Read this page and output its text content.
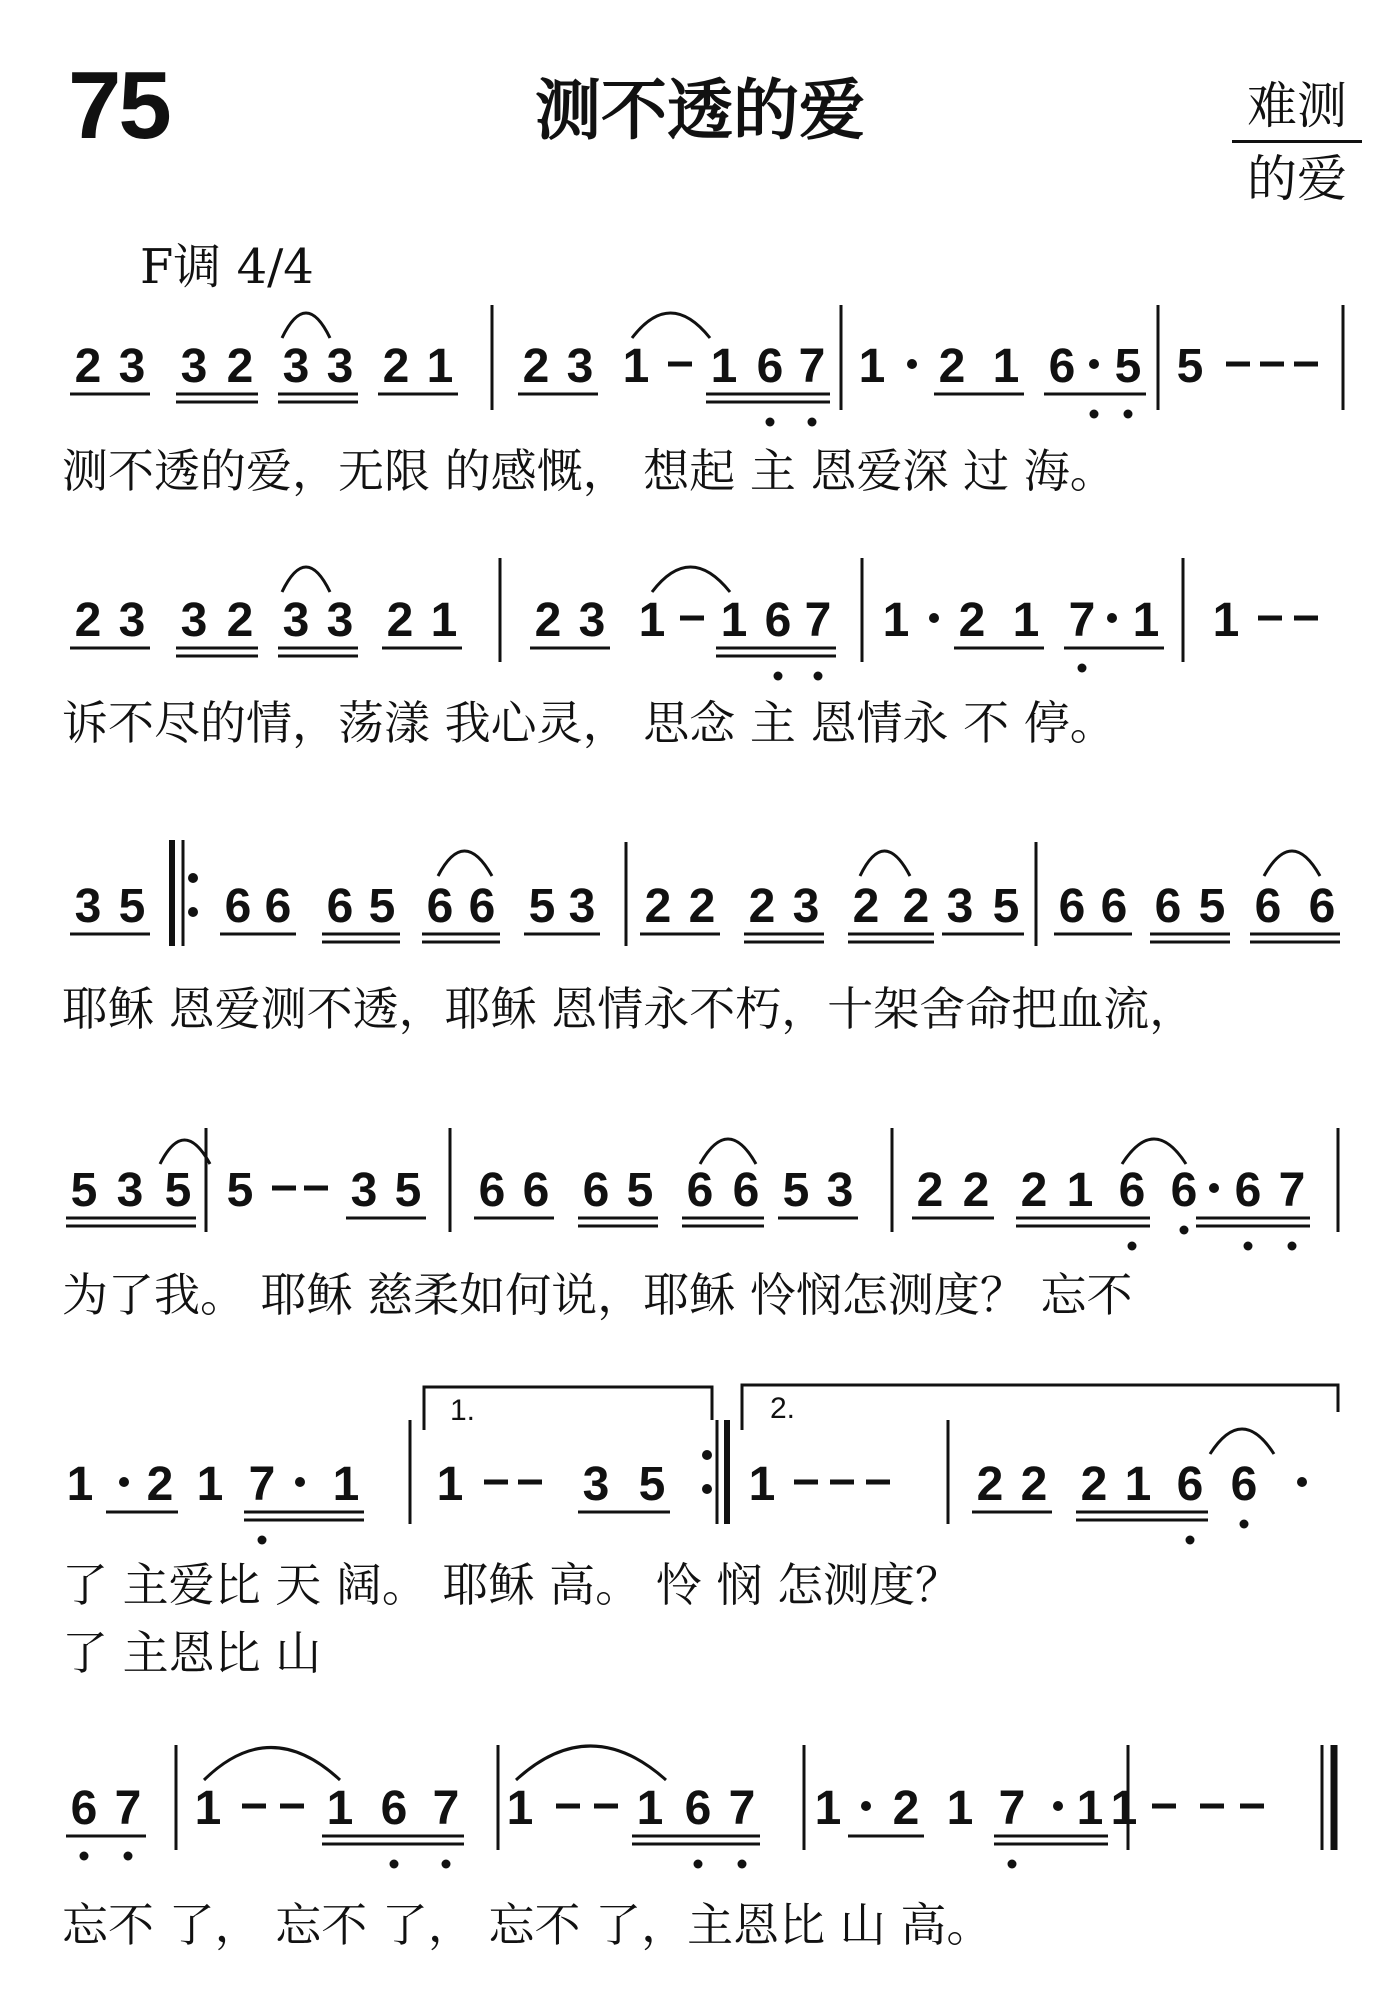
75	测不透的爱	难测
的爱
F调 4/4
2 3 3 2 3 3 2 1 2 3 1 1 6 7 1 2 1 6 5 5
2 3 3 2 3 3 2 1 2 3 1 1 6 7 1 2 1 7 1 1
3 5 6 6 6 5 6 6 5 3 2 2 2 3 2 2 3 5 6 6 6 5 6 6
5 3 5 5 3 5 6 6 6 5 6 6 5 3 2 2 2 1 6 6 6 7
1 2 1 7 1 1 3 5 1	2 2 2 1 6 6
6 7 1 1 6 7 1 1 6 7 1 2 1 7 1 1
测不透的爱，无限 的感慨， 想起 主 恩爱深 过 海。
诉不尽的情，荡漾 我心灵， 思念 主 恩情永 不 停。
耶稣 恩爱测不透，耶稣 恩情永不朽，十架舍命把血流，
为了我。 耶稣 慈柔如何说，耶稣 怜悯怎测度？ 忘不
了 主爱比 天 阔。 耶稣 高。 怜 悯 怎测度？
了 主恩比 山
忘不 了， 忘不 了， 忘不 了，主恩比 山 高。
1.	2.
